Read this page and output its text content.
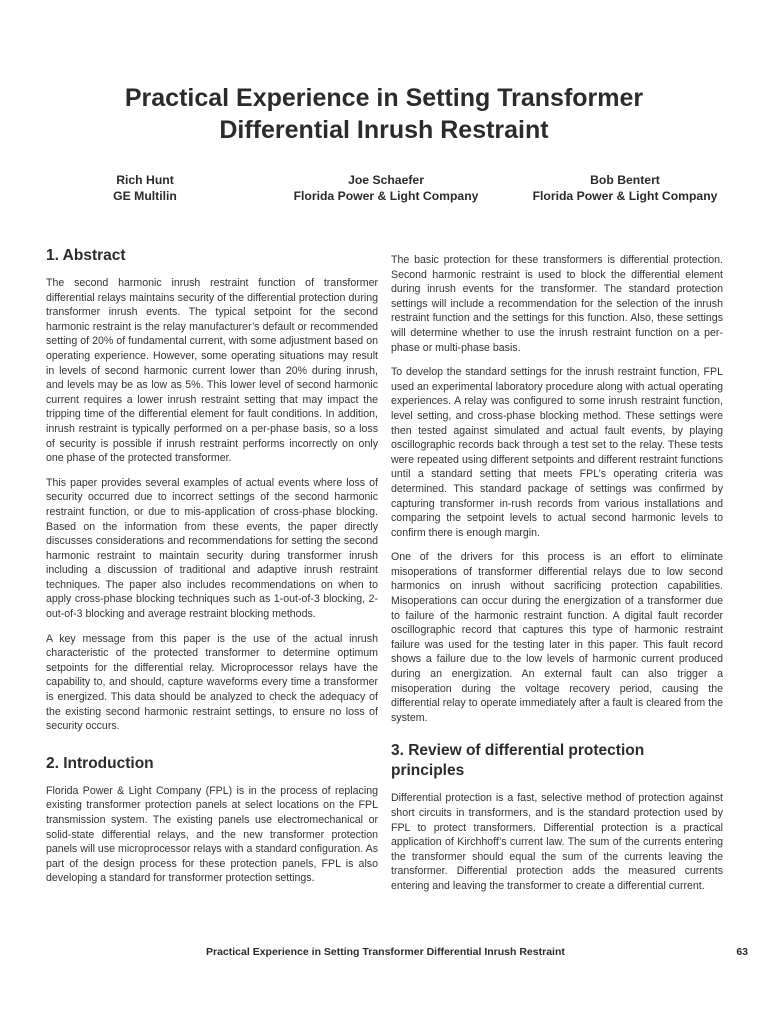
Practical Experience in Setting Transformer
Differential Inrush Restraint
Rich Hunt
GE Multilin
Joe Schaefer
Florida Power & Light Company
Bob Bentert
Florida Power & Light Company
1. Abstract

The second harmonic inrush restraint function of transformer differential relays maintains security of the differential protection during transformer inrush events. The typical setpoint for the second harmonic restraint is the relay manufacturer’s default or recommended setting of 20% of fundamental current, with some adjustment based on operating experience. However, some operating situations may result in levels of second harmonic current lower than 20% during inrush, and levels may be as low as 5%. This lower level of second harmonic current requires a lower inrush restraint setting that may impact the tripping time of the differential element for fault conditions. In addition, inrush restraint is typically performed on a per-phase basis, so a loss of security is possible if inrush restraint performs incorrectly on only one phase of the protected transformer.

This paper provides several examples of actual events where loss of security occurred due to incorrect settings of the second harmonic restraint function, or due to mis-application of cross-phase blocking. Based on the information from these events, the paper directly discusses considerations and recommendations for setting the second harmonic restraint to maintain security during transformer inrush including a discussion of traditional and adaptive inrush restraint techniques. The paper also includes recommendations on when to apply cross-phase blocking techniques such as 1-out-of-3 blocking, 2-out-of-3 blocking and average restraint blocking methods.

A key message from this paper is the use of the actual inrush characteristic of the protected transformer to determine optimum setpoints for the differential relay. Microprocessor relays have the capability to, and should, capture waveforms every time a transformer is energized. This data should be analyzed to check the adequacy of the existing second harmonic restraint settings, to ensure no loss of security occurs.

2. Introduction

Florida Power & Light Company (FPL) is in the process of replacing existing transformer protection panels at select locations on the FPL transmission system. The existing panels use electromechanical or solid-state differential relays, and the new transformer protection panels will use microprocessor relays with a standard configuration. As part of the design process for these protection panels, FPL is also developing a standard for transformer protection settings.

The basic protection for these transformers is differential protection. Second harmonic restraint is used to block the differential element during inrush events for the transformer. The standard protection settings will include a recommendation for the selection of the inrush restraint function and the settings for this function. Also, these settings will determine whether to use the inrush restraint function on a per-phase or multi-phase basis.

To develop the standard settings for the inrush restraint function, FPL used an experimental laboratory procedure along with actual operating experiences. A relay was configured to some inrush restraint function, level setting, and cross-phase blocking method. These settings were then tested against simulated and actual fault events, by playing oscillographic records back through a test set to the relay. These tests were repeated using different setpoints and different restraint functions until a standard setting that meets FPL’s operating criteria was determined. This standard package of settings was confirmed by capturing transformer in-rush records from various installations and comparing the setpoint levels to actual second harmonic levels to confirm there is enough margin.

One of the drivers for this process is an effort to eliminate misoperations of transformer differential relays due to low second harmonics on inrush without sacrificing protection capabilities. Misoperations can occur during the energization of a transformer due to failure of the harmonic restraint function. A digital fault recorder oscillographic record that captures this type of harmonic restraint failure was used for the testing later in this paper. This fault record shows a failure due to the low levels of harmonic current produced during an energization. An external fault can also trigger a misoperation during the voltage recovery period, causing the differential relay to operate immediately after a fault is cleared from the system.

3. Review of differential protection
principles

Differential protection is a fast, selective method of protection against short circuits in transformers, and is the standard protection used by FPL to protect transformers. Differential protection is a practical application of Kirchhoff’s current law. The sum of the currents entering the transformer should equal the sum of the currents leaving the transformer. Differential protection adds the measured currents entering and leaving the transformer to create a differential current.

Practical Experience in Setting Transformer Differential Inrush Restraint	63
